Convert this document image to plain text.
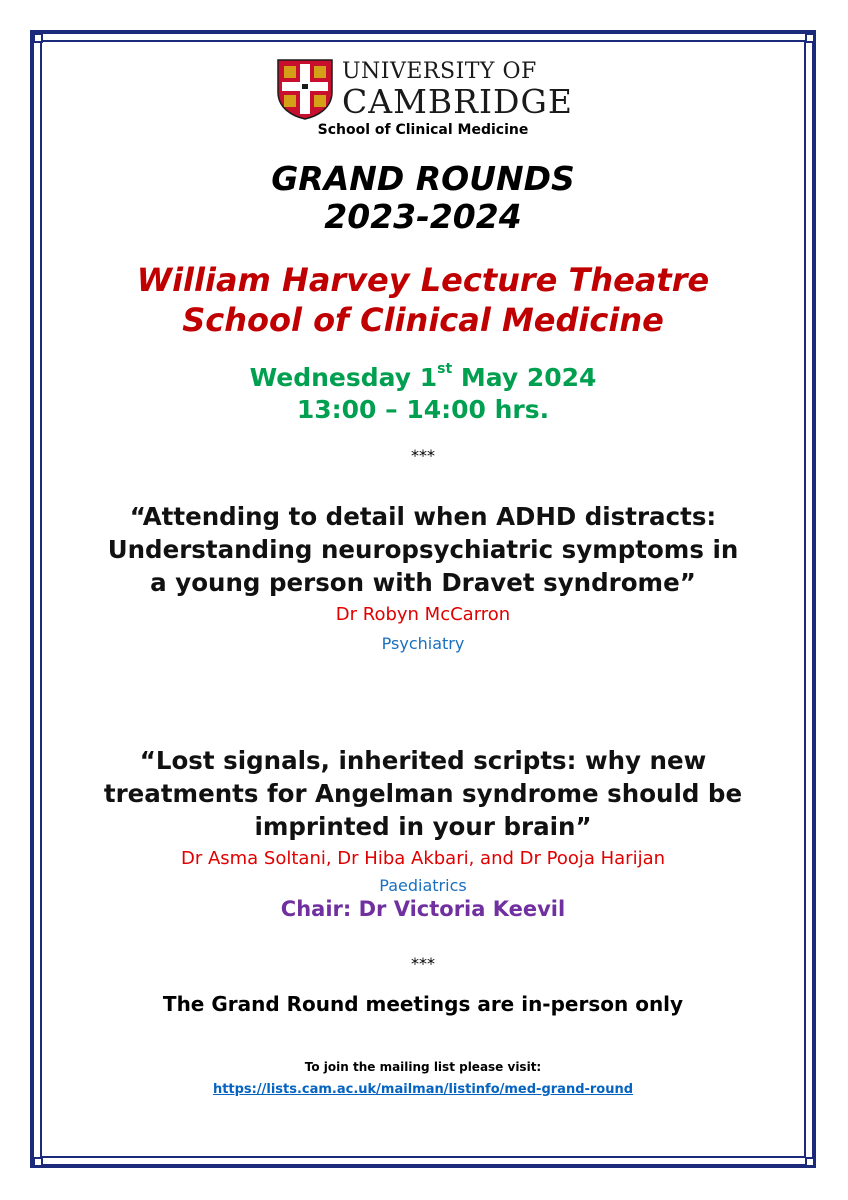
UNIVERSITY OF
CAMBRIDGE
School of Clinical Medicine
GRAND ROUNDS
2023-2024
William Harvey Lecture Theatre
School of Clinical Medicine
Wednesday 1st May 2024
13:00 – 14:00 hrs.
***
“Attending to detail when ADHD distracts:
Understanding neuropsychiatric symptoms in
a young person with Dravet syndrome”
Dr Robyn McCarron
Psychiatry
“Lost signals, inherited scripts: why new
treatments for Angelman syndrome should be
imprinted in your brain”
Dr Asma Soltani, Dr Hiba Akbari, and Dr Pooja Harijan
Paediatrics
Chair: Dr Victoria Keevil
***
The Grand Round meetings are in-person only
To join the mailing list please visit:
https://lists.cam.ac.uk/mailman/listinfo/med-grand-round
